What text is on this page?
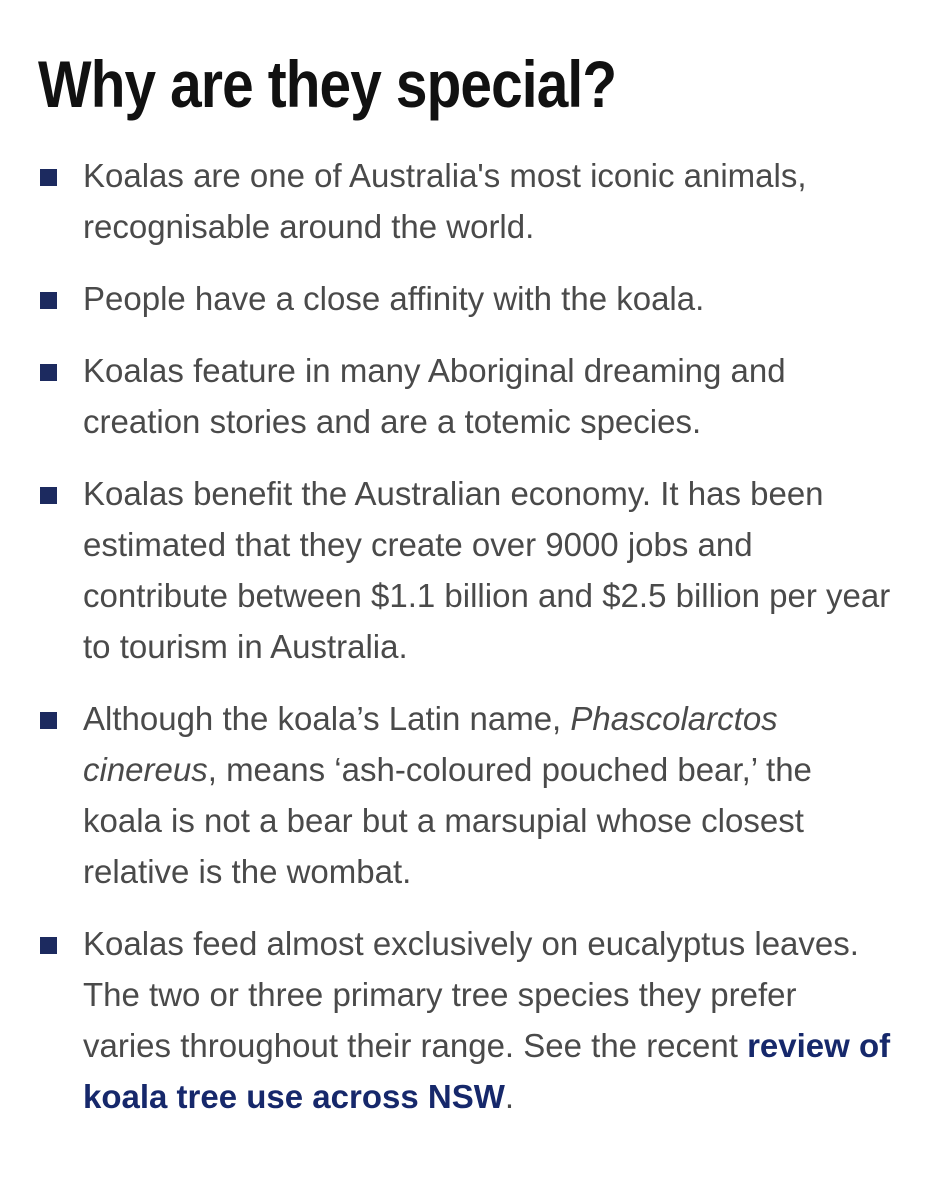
Why are they special?
Koalas are one of Australia's most iconic animals, recognisable around the world.
People have a close affinity with the koala.
Koalas feature in many Aboriginal dreaming and creation stories and are a totemic species.
Koalas benefit the Australian economy. It has been estimated that they create over 9000 jobs and contribute between $1.1 billion and $2.5 billion per year to tourism in Australia.
Although the koala’s Latin name, Phascolarctos cinereus, means ‘ash-coloured pouched bear,’ the koala is not a bear but a marsupial whose closest relative is the wombat.
Koalas feed almost exclusively on eucalyptus leaves. The two or three primary tree species they prefer varies throughout their range. See the recent review of koala tree use across NSW.
